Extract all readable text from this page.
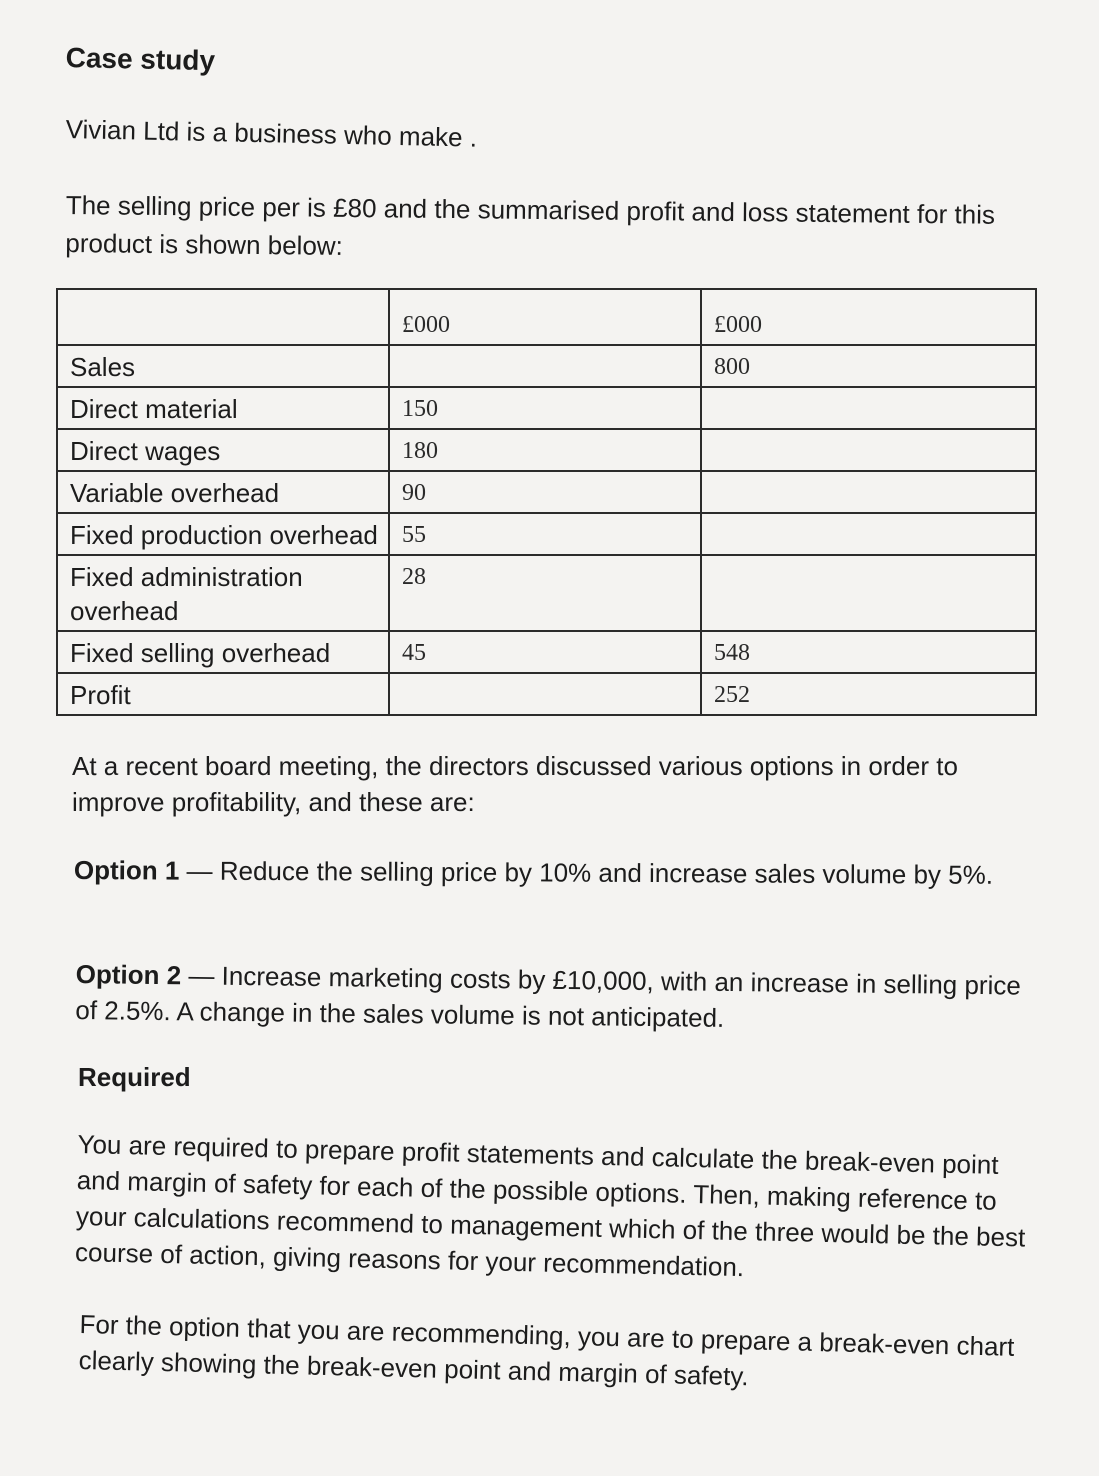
Case study

Vivian Ltd is a business who make .

The selling price per is £80 and the summarised profit and loss statement for this product is shown below:

	£000	£000
Sales		800
Direct material	150	
Direct wages	180	
Variable overhead	90	
Fixed production overhead	55	
Fixed administration overhead	28	
Fixed selling overhead	45	548
Profit		252

At a recent board meeting, the directors discussed various options in order to improve profitability, and these are:

Option 1 — Reduce the selling price by 10% and increase sales volume by 5%.

Option 2 — Increase marketing costs by £10,000, with an increase in selling price of 2.5%. A change in the sales volume is not anticipated.

Required

You are required to prepare profit statements and calculate the break-even point and margin of safety for each of the possible options. Then, making reference to your calculations recommend to management which of the three would be the best course of action, giving reasons for your recommendation.

For the option that you are recommending, you are to prepare a break-even chart clearly showing the break-even point and margin of safety.
